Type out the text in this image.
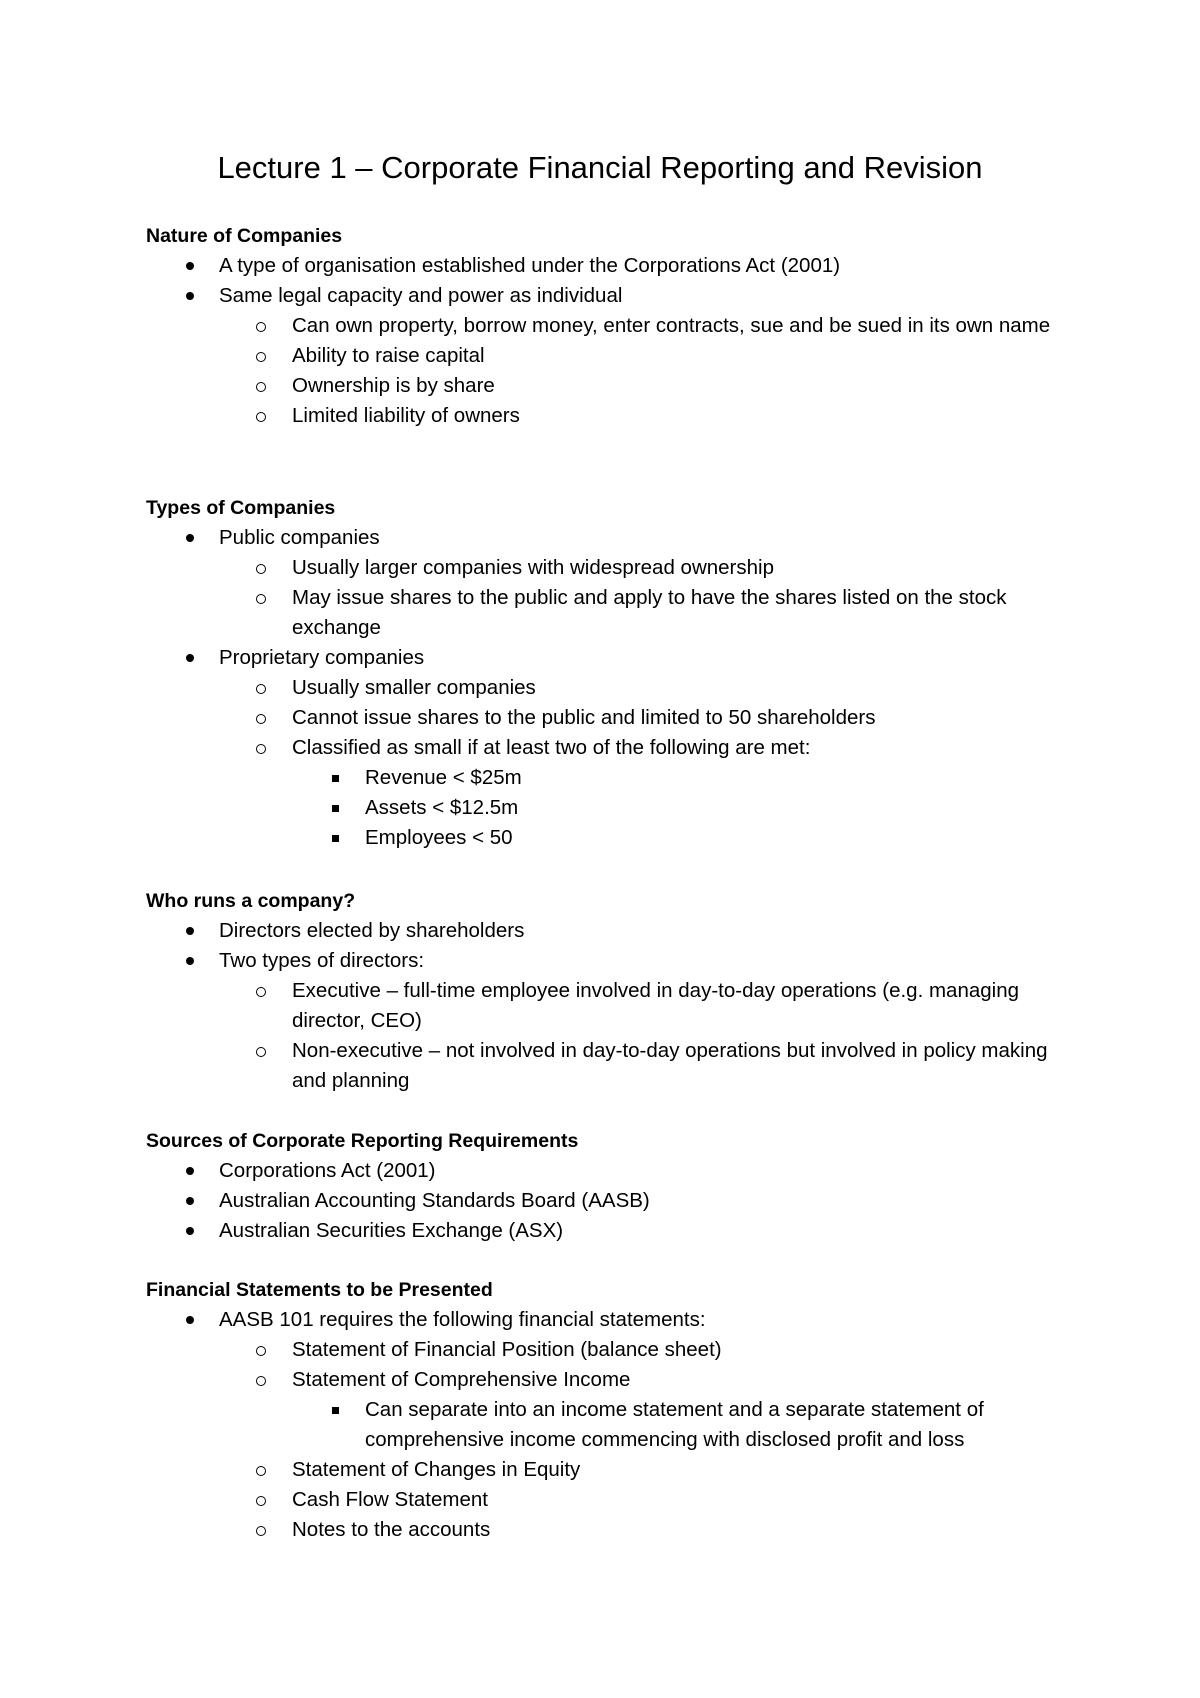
Lecture 1 – Corporate Financial Reporting and Revision
Nature of Companies
A type of organisation established under the Corporations Act (2001)
Same legal capacity and power as individual
Can own property, borrow money, enter contracts, sue and be sued in its own name
Ability to raise capital
Ownership is by share
Limited liability of owners
Types of Companies
Public companies
Usually larger companies with widespread ownership
May issue shares to the public and apply to have the shares listed on the stock exchange
Proprietary companies
Usually smaller companies
Cannot issue shares to the public and limited to 50 shareholders
Classified as small if at least two of the following are met:
Revenue < $25m
Assets < $12.5m
Employees < 50
Who runs a company?
Directors elected by shareholders
Two types of directors:
Executive – full-time employee involved in day-to-day operations (e.g. managing director, CEO)
Non-executive – not involved in day-to-day operations but involved in policy making and planning
Sources of Corporate Reporting Requirements
Corporations Act (2001)
Australian Accounting Standards Board (AASB)
Australian Securities Exchange (ASX)
Financial Statements to be Presented
AASB 101 requires the following financial statements:
Statement of Financial Position (balance sheet)
Statement of Comprehensive Income
Can separate into an income statement and a separate statement of comprehensive income commencing with disclosed profit and loss
Statement of Changes in Equity
Cash Flow Statement
Notes to the accounts
